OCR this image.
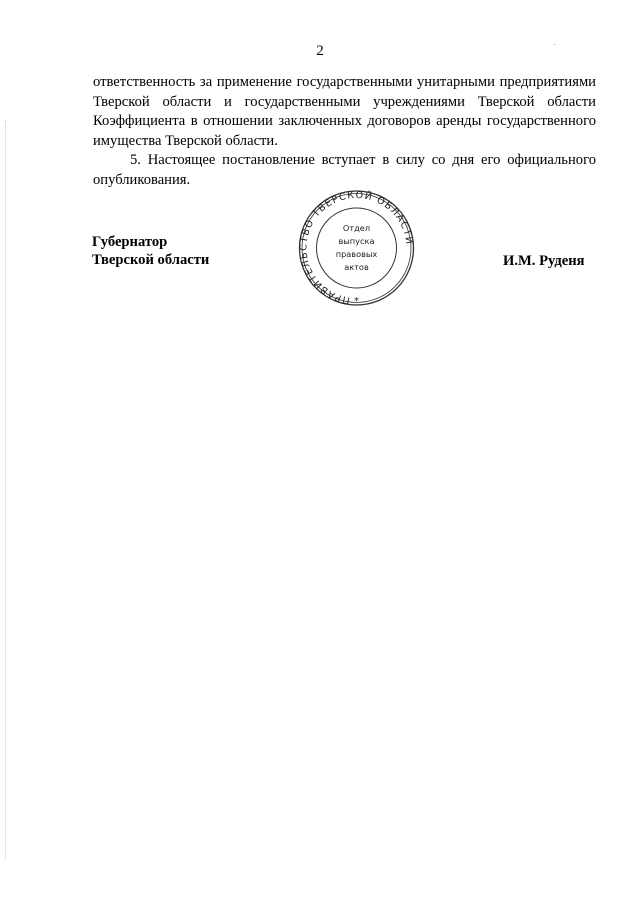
2

ответственность за применение государственными унитарными предприятиями Тверской области и государственными учреждениями Тверской области Коэффициента в отношении заключенных договоров аренды государственного имущества Тверской области.

5. Настоящее постановление вступает в силу со дня его официального опубликования.

Губернатор
Тверской области
ПРАВИТЕЛЬСТВО ТВЕРСКОЙ ОБЛАСТИ
Отдел
выпуска
правовых
актов
*
И.М. Руденя
